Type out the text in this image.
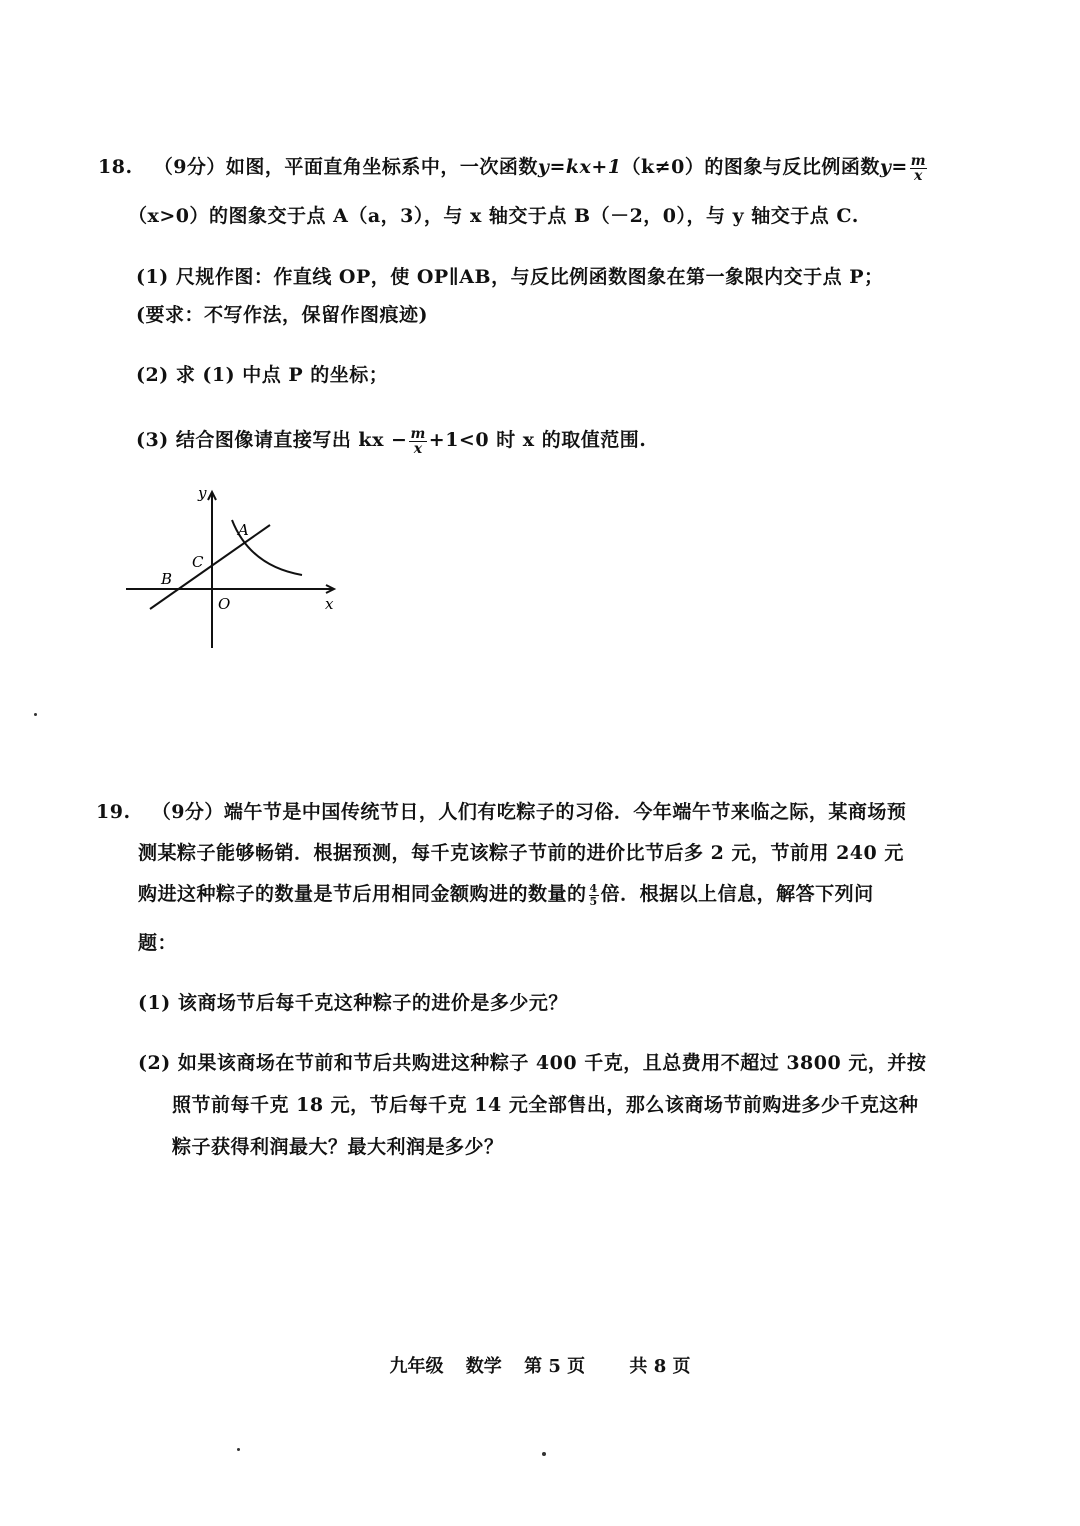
18. （9分）如图，平面直角坐标系中，一次函数y=kx+1（k≠0）的图象与反比例函数$y= \frac{m}{x}$
（x>0）的图象交于点 A（a，3），与 x 轴交于点 B（－2，0），与 y 轴交于点 C.
(1) 尺规作图：作直线 OP，使 OP∥AB，与反比例函数图象在第一象限内交于点 P；
(要求：不写作法，保留作图痕迹)
(2) 求 (1) 中点 P 的坐标；
(3) 结合图像请直接写出 kx − $\frac{m}{x} +1<0$ 时 x 的取值范围.
y
x
A
B
C
O
19. （9分）端午节是中国传统节日，人们有吃粽子的习俗．今年端午节来临之际，某商场预
测某粽子能够畅销．根据预测，每千克该粽子节前的进价比节后多 2 元，节前用 240 元
购进这种粽子的数量是节后用相同金额购进的数量的 $\frac{4}{5}$ 倍．根据以上信息，解答下列问
题：
(1) 该商场节后每千克这种粽子的进价是多少元？
(2) 如果该商场在节前和节后共购进这种粽子 400 千克，且总费用不超过 3800 元，并按
照节前每千克 18 元，节后每千克 14 元全部售出，那么该商场节前购进多少千克这种
粽子获得利润最大？最大利润是多少？
九年级 数学 第 5 页 共 8 页
